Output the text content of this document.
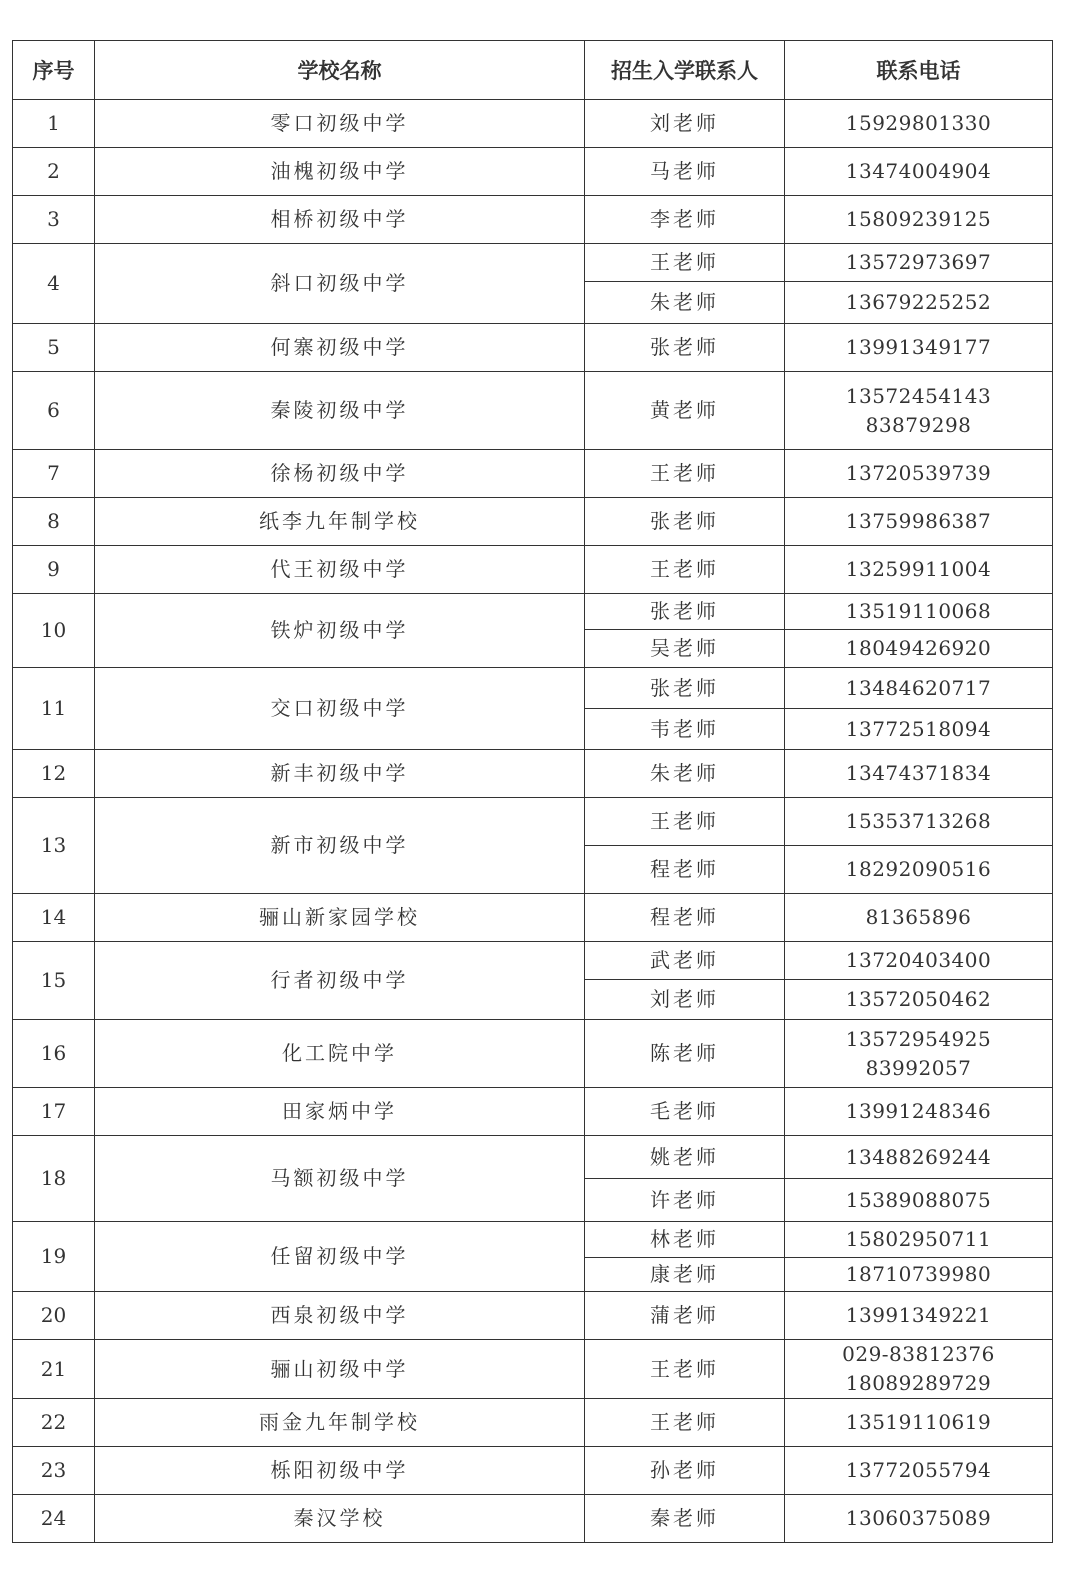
序号	学校名称	招生入学联系人	联系电话
1	零口初级中学	刘老师	15929801330

2	油槐初级中学	马老师	13474004904

3	相桥初级中学	李老师	15809239125

4	斜口初级中学	王老师	13572973697

		朱老师	13679225252

5	何寨初级中学	张老师	13991349177

6	秦陵初级中学	黄老师	13572454143
83879298

7	徐杨初级中学	王老师	13720539739

8	纸李九年制学校	张老师	13759986387

9	代王初级中学	王老师	13259911004

10	铁炉初级中学	张老师	13519110068

		吴老师	18049426920

11	交口初级中学	张老师	13484620717

		韦老师	13772518094

12	新丰初级中学	朱老师	13474371834

13	新市初级中学	王老师	15353713268

		程老师	18292090516

14	骊山新家园学校	程老师	81365896

15	行者初级中学	武老师	13720403400

		刘老师	13572050462

16	化工院中学	陈老师	13572954925
83992057

17	田家炳中学	毛老师	13991248346

18	马额初级中学	姚老师	13488269244

		许老师	15389088075

19	任留初级中学	林老师	15802950711

		康老师	18710739980

20	西泉初级中学	蒲老师	13991349221

21	骊山初级中学	王老师	029-83812376
18089289729

22	雨金九年制学校	王老师	13519110619

23	栎阳初级中学	孙老师	13772055794

24	秦汉学校	秦老师	13060375089
